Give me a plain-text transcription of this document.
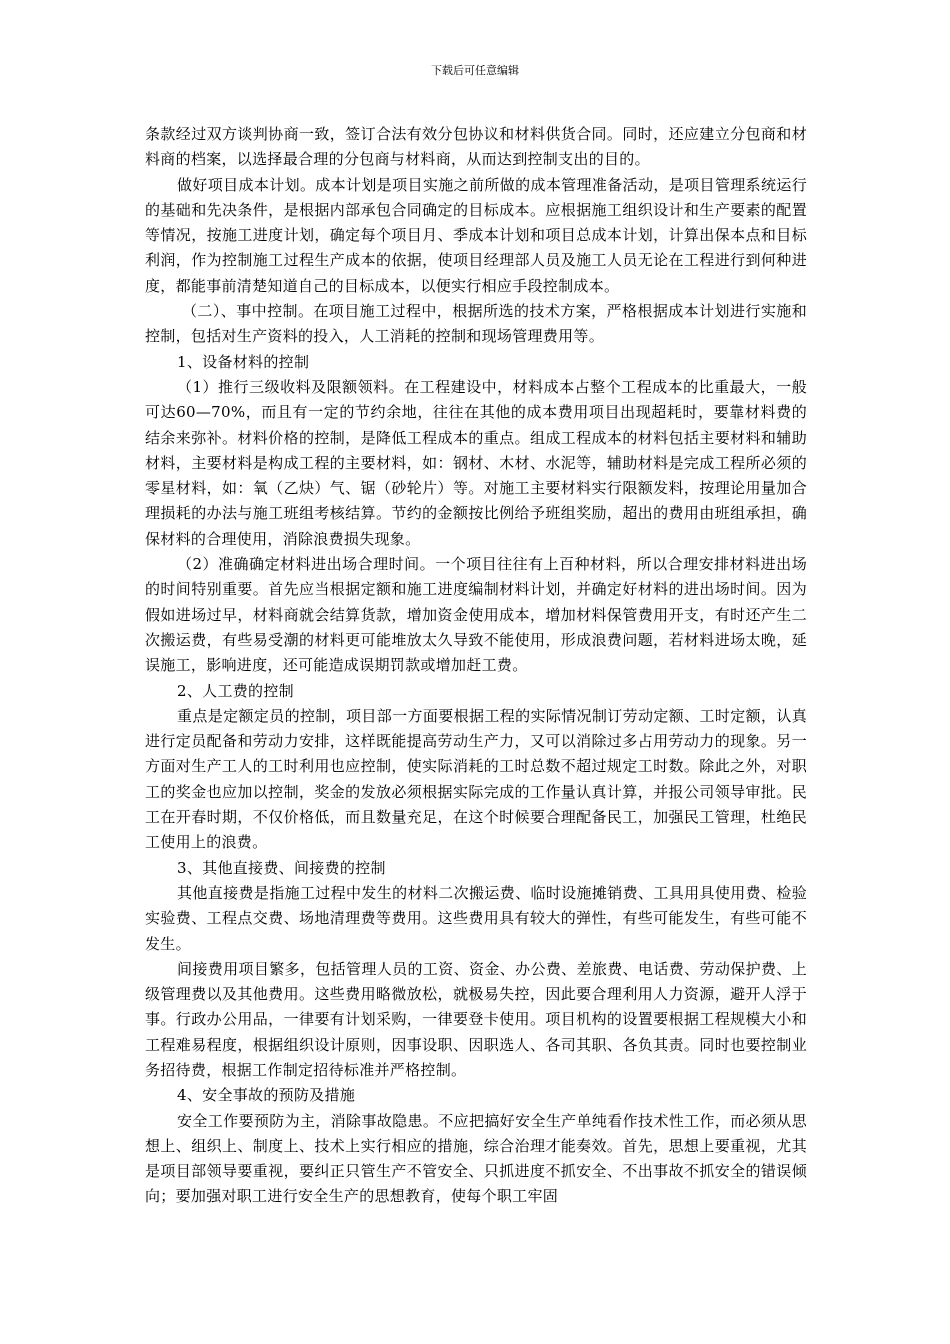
下载后可任意编辑

条款经过双方谈判协商一致，签订合法有效分包协议和材料供货合同。同时，还应建立分包商和材料商的档案，以选择最合理的分包商与材料商，从而达到控制支出的目的。

做好项目成本计划。成本计划是项目实施之前所做的成本管理准备活动，是项目管理系统运行的基础和先决条件，是根据内部承包合同确定的目标成本。应根据施工组织设计和生产要素的配置等情况，按施工进度计划，确定每个项目月、季成本计划和项目总成本计划，计算出保本点和目标利润，作为控制施工过程生产成本的依据，使项目经理部人员及施工人员无论在工程进行到何种进度，都能事前清楚知道自己的目标成本，以便实行相应手段控制成本。

（二）、事中控制。在项目施工过程中，根据所选的技术方案，严格根据成本计划进行实施和控制，包括对生产资料的投入，人工消耗的控制和现场管理费用等。

1、设备材料的控制

（1）推行三级收料及限额领料。在工程建设中，材料成本占整个工程成本的比重最大，一般可达60—70%，而且有一定的节约余地，往往在其他的成本费用项目出现超耗时，要靠材料费的结余来弥补。材料价格的控制，是降低工程成本的重点。组成工程成本的材料包括主要材料和辅助材料，主要材料是构成工程的主要材料，如：钢材、木材、水泥等，辅助材料是完成工程所必须的零星材料，如：氧（乙炔）气、锯（砂轮片）等。对施工主要材料实行限额发料，按理论用量加合理损耗的办法与施工班组考核结算。节约的金额按比例给予班组奖励，超出的费用由班组承担，确保材料的合理使用，消除浪费损失现象。

（2）准确确定材料进出场合理时间。一个项目往往有上百种材料，所以合理安排材料进出场的时间特别重要。首先应当根据定额和施工进度编制材料计划，并确定好材料的进出场时间。因为假如进场过早，材料商就会结算货款，增加资金使用成本，增加材料保管费用开支，有时还产生二次搬运费，有些易受潮的材料更可能堆放太久导致不能使用，形成浪费问题，若材料进场太晚，延误施工，影响进度，还可能造成误期罚款或增加赶工费。

2、人工费的控制

重点是定额定员的控制，项目部一方面要根据工程的实际情况制订劳动定额、工时定额，认真进行定员配备和劳动力安排，这样既能提高劳动生产力，又可以消除过多占用劳动力的现象。另一方面对生产工人的工时利用也应控制，使实际消耗的工时总数不超过规定工时数。除此之外，对职工的奖金也应加以控制，奖金的发放必须根据实际完成的工作量认真计算，并报公司领导审批。民工在开春时期，不仅价格低，而且数量充足，在这个时候要合理配备民工，加强民工管理，杜绝民工使用上的浪费。

3、其他直接费、间接费的控制

其他直接费是指施工过程中发生的材料二次搬运费、临时设施摊销费、工具用具使用费、检验实验费、工程点交费、场地清理费等费用。这些费用具有较大的弹性，有些可能发生，有些可能不发生。

间接费用项目繁多，包括管理人员的工资、资金、办公费、差旅费、电话费、劳动保护费、上级管理费以及其他费用。这些费用略微放松，就极易失控，因此要合理利用人力资源，避开人浮于事。行政办公用品，一律要有计划采购，一律要登卡使用。项目机构的设置要根据工程规模大小和工程难易程度，根据组织设计原则，因事设职、因职选人、各司其职、各负其责。同时也要控制业务招待费，根据工作制定招待标准并严格控制。

4、安全事故的预防及措施

安全工作要预防为主，消除事故隐患。不应把搞好安全生产单纯看作技术性工作，而必须从思想上、组织上、制度上、技术上实行相应的措施，综合治理才能奏效。首先，思想上要重视，尤其是项目部领导要重视，要纠正只管生产不管安全、只抓进度不抓安全、不出事故不抓安全的错误倾向；要加强对职工进行安全生产的思想教育，使每个职工牢固
